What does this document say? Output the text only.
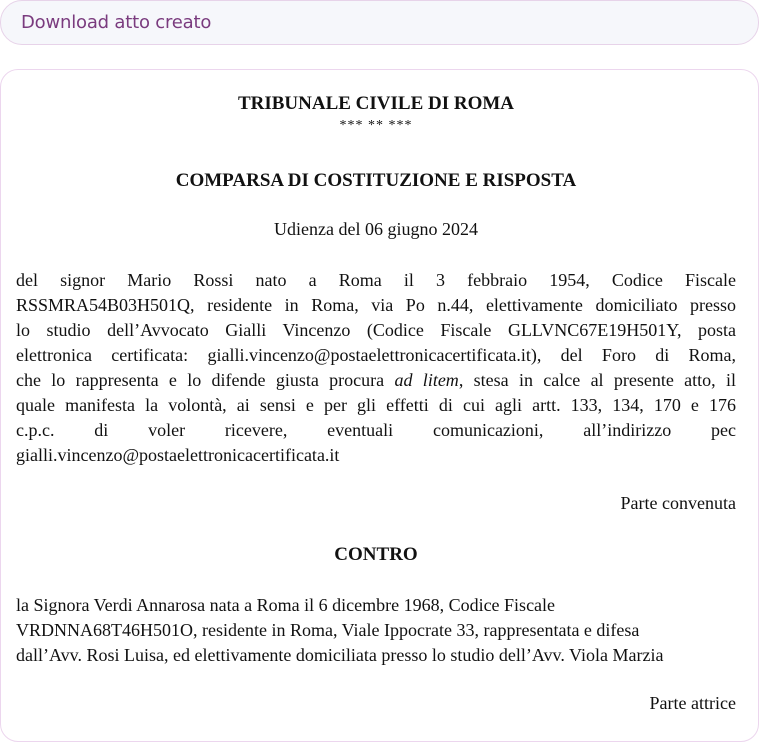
Download atto creato
TRIBUNALE CIVILE DI ROMA
*** ** ***
COMPARSA DI COSTITUZIONE E RISPOSTA
Udienza del 06 giugno 2024
del signor Mario Rossi nato a Roma il 3 febbraio 1954, Codice Fiscale
RSSMRA54B03H501Q, residente in Roma, via Po n.44, elettivamente domiciliato presso
lo studio dell’Avvocato Gialli Vincenzo (Codice Fiscale GLLVNC67E19H501Y, posta
elettronica certificata: gialli.vincenzo@postaelettronicacertificata.it), del Foro di Roma,
che lo rappresenta e lo difende giusta procura ad litem, stesa in calce al presente atto, il
quale manifesta la volontà, ai sensi e per gli effetti di cui agli artt. 133, 134, 170 e 176
c.p.c. di voler ricevere, eventuali comunicazioni, all’indirizzo pec
gialli.vincenzo@postaelettronicacertificata.it
Parte convenuta
CONTRO
la Signora Verdi Annarosa nata a Roma il 6 dicembre 1968, Codice Fiscale
VRDNNA68T46H501O, residente in Roma, Viale Ippocrate 33, rappresentata e difesa
dall’Avv. Rosi Luisa, ed elettivamente domiciliata presso lo studio dell’Avv. Viola Marzia
Parte attrice
